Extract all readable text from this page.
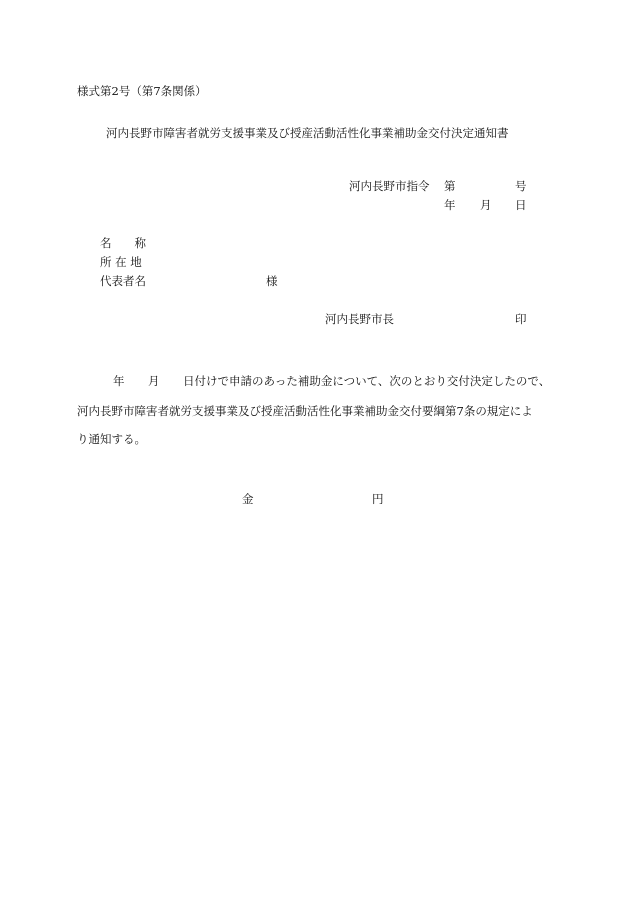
様式第2号（第7条関係）
河内長野市障害者就労支援事業及び授産活動活性化事業補助金交付決定通知書
河内長野市指令 第	号
年 月 日
名　　称
所 在 地
代表者名	様
河内長野市長	印
年 月 日付けで申請のあった補助金について、次のとおり交付決定したので、
河内長野市障害者就労支援事業及び授産活動活性化事業補助金交付要綱第7条の規定によ
り通知する。
金	円
